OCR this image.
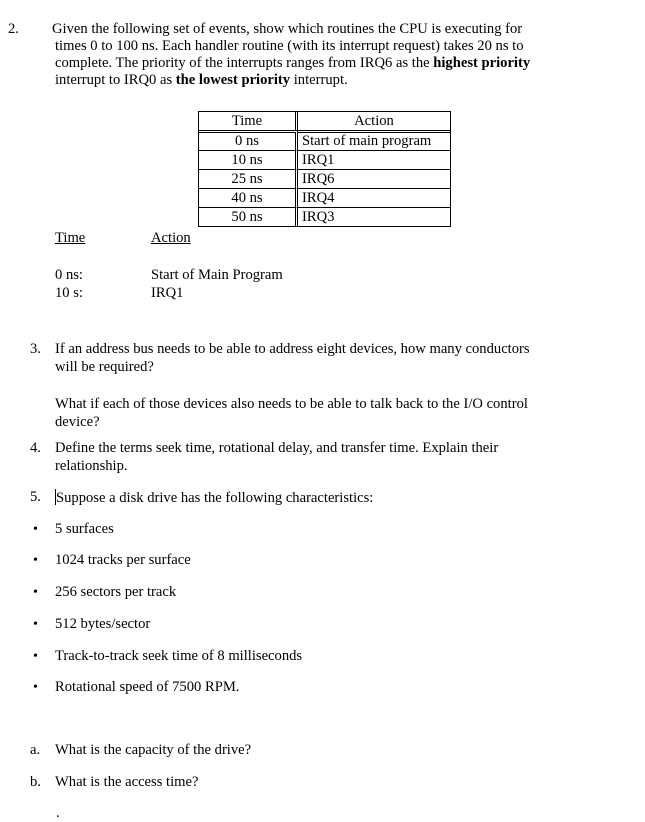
2. Given the following set of events, show which routines the CPU is executing for

times 0 to 100 ns. Each handler routine (with its interrupt request) takes 20 ns to

complete. The priority of the interrupts ranges from IRQ6 as the highest priority

interrupt to IRQ0 as the lowest priority interrupt.

Time	Action
0 ns	Start of main program
10 ns	IRQ1
25 ns	IRQ6
40 ns	IRQ4
50 ns	IRQ3
Time	Action
0 ns:	Start of Main Program
10 s:	IRQ1
3. If an address bus needs to be able to address eight devices, how many conductors
will be required?
What if each of those devices also needs to be able to talk back to the I/O control
device?
4. Define the terms seek time, rotational delay, and transfer time. Explain their
relationship.
5. Suppose a disk drive has the following characteristics:
• 5 surfaces
• 1024 tracks per surface
• 256 sectors per track
• 512 bytes/sector
• Track-to-track seek time of 8 milliseconds
• Rotational speed of 7500 RPM.
a. What is the capacity of the drive?
b. What is the access time?
.
